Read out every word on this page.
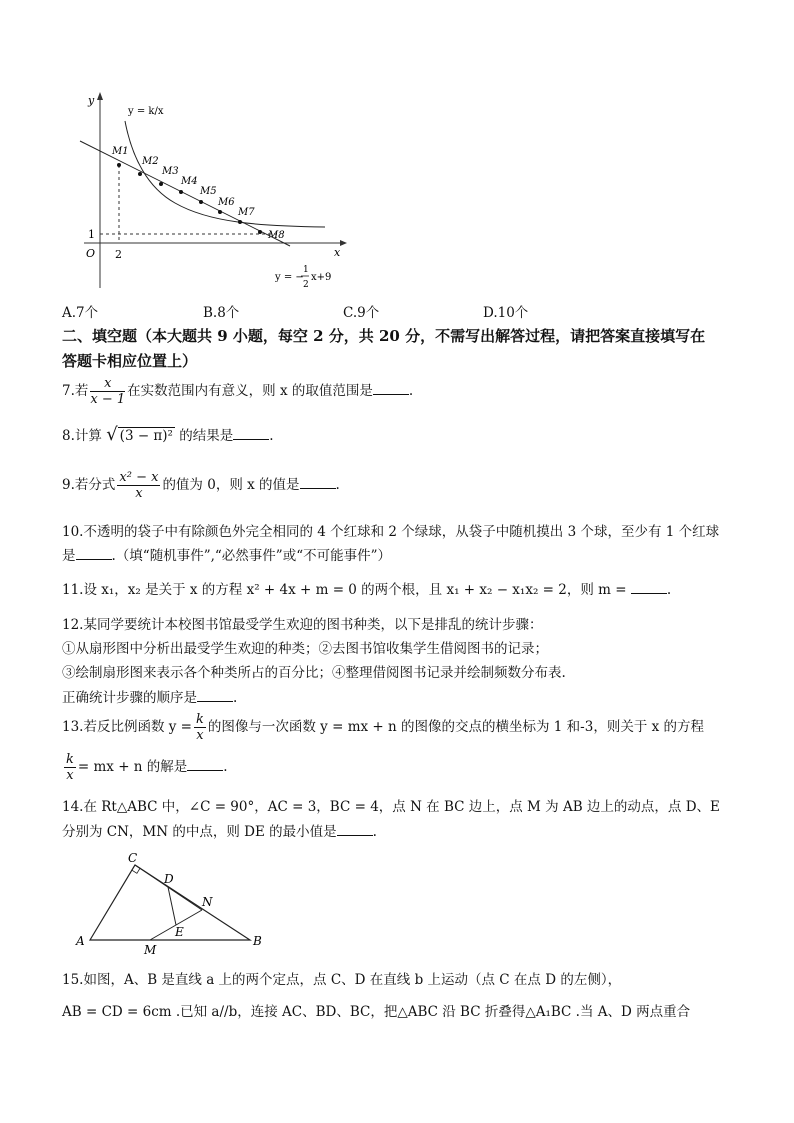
y
x
O 2
1
M1
M2
M3
M4
M5
M6
M7
M8
y = k/x
y = −
1
2
x+9
A.7个	B.8个	C.9个	D.10个
二、填空题（本大题共 9 小题，每空 2 分，共 20 分，不需写出解答过程，请把答案直接填写在
答题卡相应位置上）
7.若 $\frac{x}{x - 1}$ 在实数范围内有意义，则 x 的取值范围是	.
8.计算 √ (3 − π)² 的结果是	.
9.若分式 $\frac{\text{x² − x}}{x}$ 的值为 0，则 x 的值是	.
10.不透明的袋子中有除颜色外完全相同的 4 个红球和 2 个绿球，从袋子中随机摸出 3 个球，至少有 1 个红球
是	.（填“随机事件”,“必然事件”或“不可能事件”）
11.设 x₁，x₂ 是关于 x 的方程 x² + 4x + m = 0 的两个根，且 x₁ + x₂ − x₁x₂ = 2，则 m =	.
12.某同学要统计本校图书馆最受学生欢迎的图书种类，以下是排乱的统计步骤：
①从扇形图中分析出最受学生欢迎的种类；②去图书馆收集学生借阅图书的记录；
③绘制扇形图来表示各个种类所占的百分比；④整理借阅图书记录并绘制频数分布表.
正确统计步骤的顺序是	.
13.若反比例函数 $y = \frac{k}{x}$ 的图像与一次函数 y = mx + n 的图像的交点的横坐标为 1 和-3，则关于 x 的方程
$\frac{k}{x}$ = mx + n 的解是	.
14.在 Rt△ABC 中，∠C = 90°，AC = 3，BC = 4，点 N 在 BC 边上，点 M 为 AB 边上的动点，点 D、E
分别为 CN，MN 的中点，则 DE 的最小值是	.
A	B
C
D
E
M
N
15.如图，A、B 是直线 a 上的两个定点，点 C、D 在直线 b 上运动（点 C 在点 D 的左侧），
AB = CD = 6cm .已知 a//b，连接 AC、BD、BC，把△ABC 沿 BC 折叠得△A₁BC .当 A、D 两点重合
